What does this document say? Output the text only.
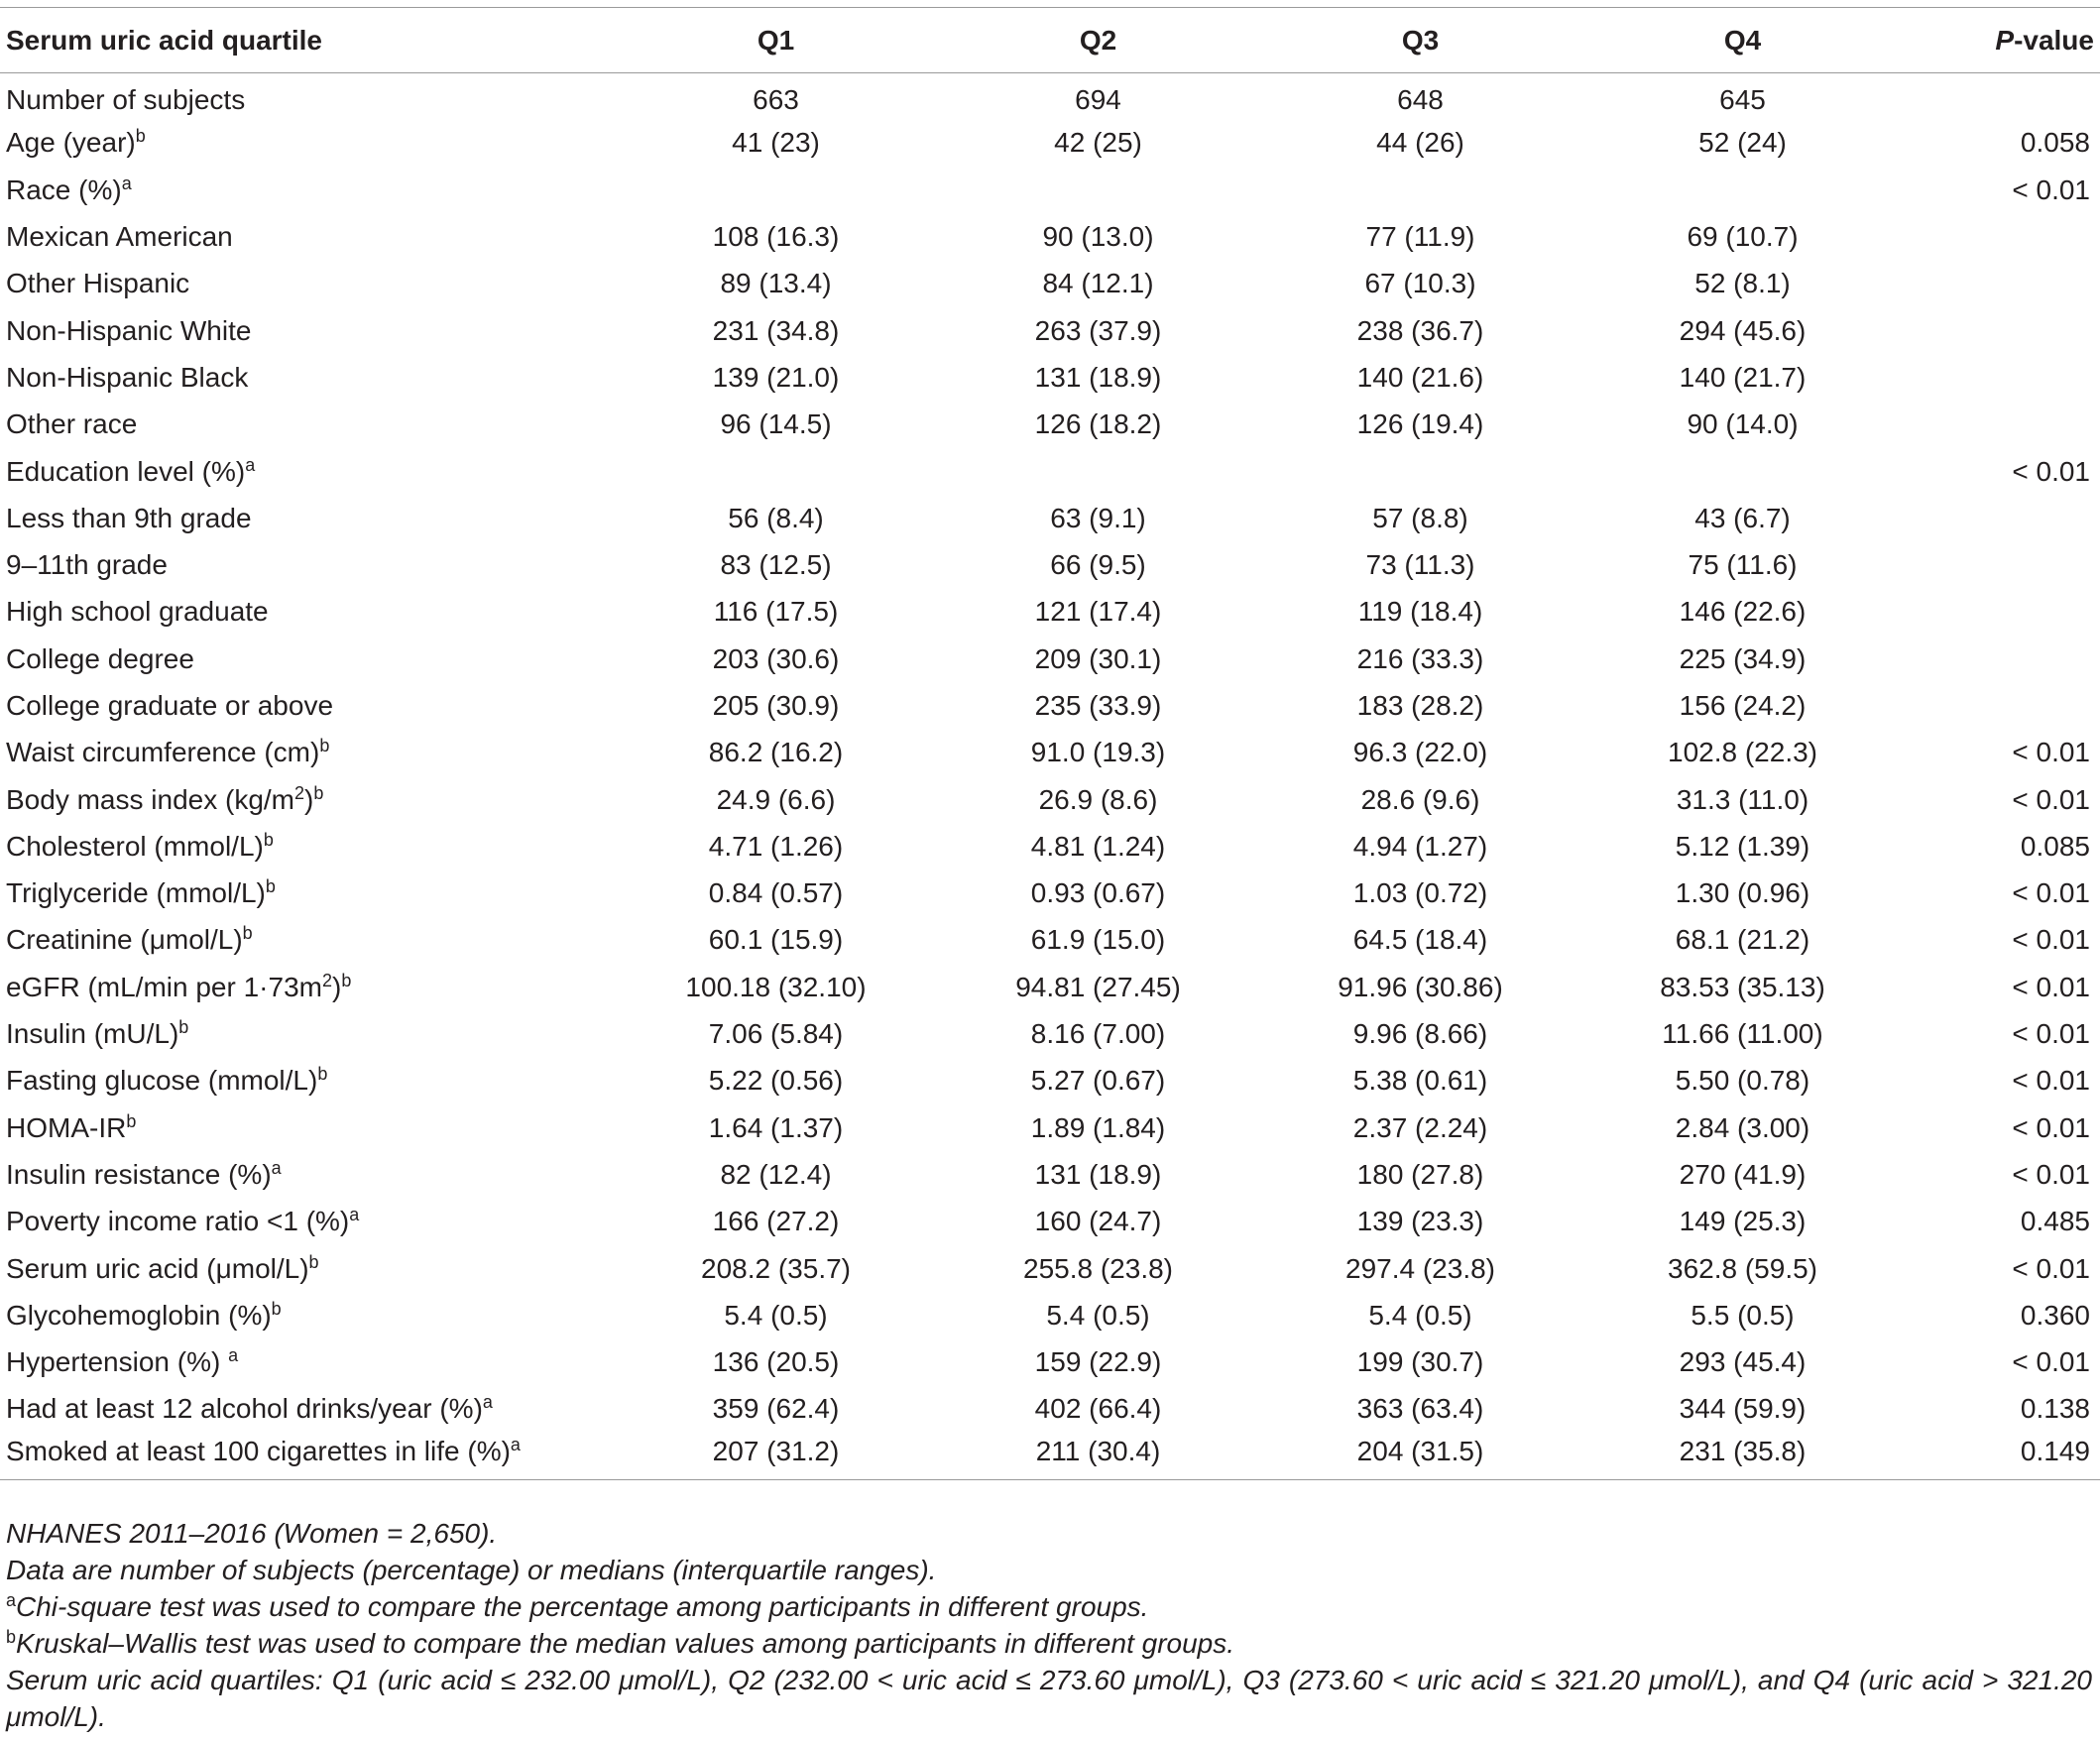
Serum uric acid quartile	Q1	Q2	Q3	Q4	P-value
Number of subjects	663	694	648	645	
Age (year)$^b$	41 (23)	42 (25)	44 (26)	52 (24)	0.058
Race (%)$^a$					< 0.01
Mexican American	108 (16.3)	90 (13.0)	77 (11.9)	69 (10.7)	
Other Hispanic	89 (13.4)	84 (12.1)	67 (10.3)	52 (8.1)	
Non-Hispanic White	231 (34.8)	263 (37.9)	238 (36.7)	294 (45.6)	
Non-Hispanic Black	139 (21.0)	131 (18.9)	140 (21.6)	140 (21.7)	
Other race	96 (14.5)	126 (18.2)	126 (19.4)	90 (14.0)	
Education level (%)$^a$					< 0.01
Less than 9th grade	56 (8.4)	63 (9.1)	57 (8.8)	43 (6.7)	
9–11th grade	83 (12.5)	66 (9.5)	73 (11.3)	75 (11.6)	
High school graduate	116 (17.5)	121 (17.4)	119 (18.4)	146 (22.6)	
College degree	203 (30.6)	209 (30.1)	216 (33.3)	225 (34.9)	
College graduate or above	205 (30.9)	235 (33.9)	183 (28.2)	156 (24.2)	
Waist circumference (cm)$^b$	86.2 (16.2)	91.0 (19.3)	96.3 (22.0)	102.8 (22.3)	< 0.01
Body mass index $(kg/m^2)^b$	24.9 (6.6)	26.9 (8.6)	28.6 (9.6)	31.3 (11.0)	< 0.01
Cholesterol (mmol/L)$^b$	4.71 (1.26)	4.81 (1.24)	4.94 (1.27)	5.12 (1.39)	0.085
Triglyceride (mmol/L)$^b$	0.84 (0.57)	0.93 (0.67)	1.03 (0.72)	1.30 (0.96)	< 0.01
Creatinine $(\mu mol/L)^b$	60.1 (15.9)	61.9 (15.0)	64.5 (18.4)	68.1 (21.2)	< 0.01
eGFR (mL/min per $1\cdot 73m^2)^b$	100.18 (32.10)	94.81 (27.45)	91.96 (30.86)	83.53 (35.13)	< 0.01
Insulin $(mU/L)^b$	7.06 (5.84)	8.16 (7.00)	9.96 (8.66)	11.66 (11.00)	< 0.01
Fasting glucose (mmol/L)$^b$	5.22 (0.56)	5.27 (0.67)	5.38 (0.61)	5.50 (0.78)	< 0.01
HOMA-$IR^b$	1.64 (1.37)	1.89 (1.84)	2.37 (2.24)	2.84 (3.00)	< 0.01
Insulin resistance (%)$^a$	82 (12.4)	131 (18.9)	180 (27.8)	270 (41.9)	< 0.01
Poverty income ratio <1 (%)$^a$	166 (27.2)	160 (24.7)	139 (23.3)	149 (25.3)	0.485
Serum uric acid $(\mu mol/L)^b$	208.2 (35.7)	255.8 (23.8)	297.4 (23.8)	362.8 (59.5)	< 0.01
Glycohemoglobin (%)$^b$	5.4 (0.5)	5.4 (0.5)	5.4 (0.5)	5.5 (0.5)	0.360
Hypertension (%) $^a$	136 (20.5)	159 (22.9)	199 (30.7)	293 (45.4)	< 0.01
Had at least 12 alcohol drinks/year (%)$^a$	359 (62.4)	402 (66.4)	363 (63.4)	344 (59.9)	0.138
Smoked at least 100 cigarettes in life (%)$^a$	207 (31.2)	211 (30.4)	204 (31.5)	231 (35.8)	0.149

NHANES 2011–2016 (Women = 2,650).

Data are number of subjects (percentage) or medians (interquartile ranges).

$^a$Chi-square test was used to compare the percentage among participants in different groups.

$^b$Kruskal–Wallis test was used to compare the median values among participants in different groups.

Serum uric acid quartiles: Q1 (uric acid ≤ 232.00 μmol/L), Q2 (232.00 < uric acid ≤ 273.60 μmol/L), Q3 (273.60 < uric acid ≤ 321.20 μmol/L), and Q4 (uric acid > 321.20 μmol/L).
